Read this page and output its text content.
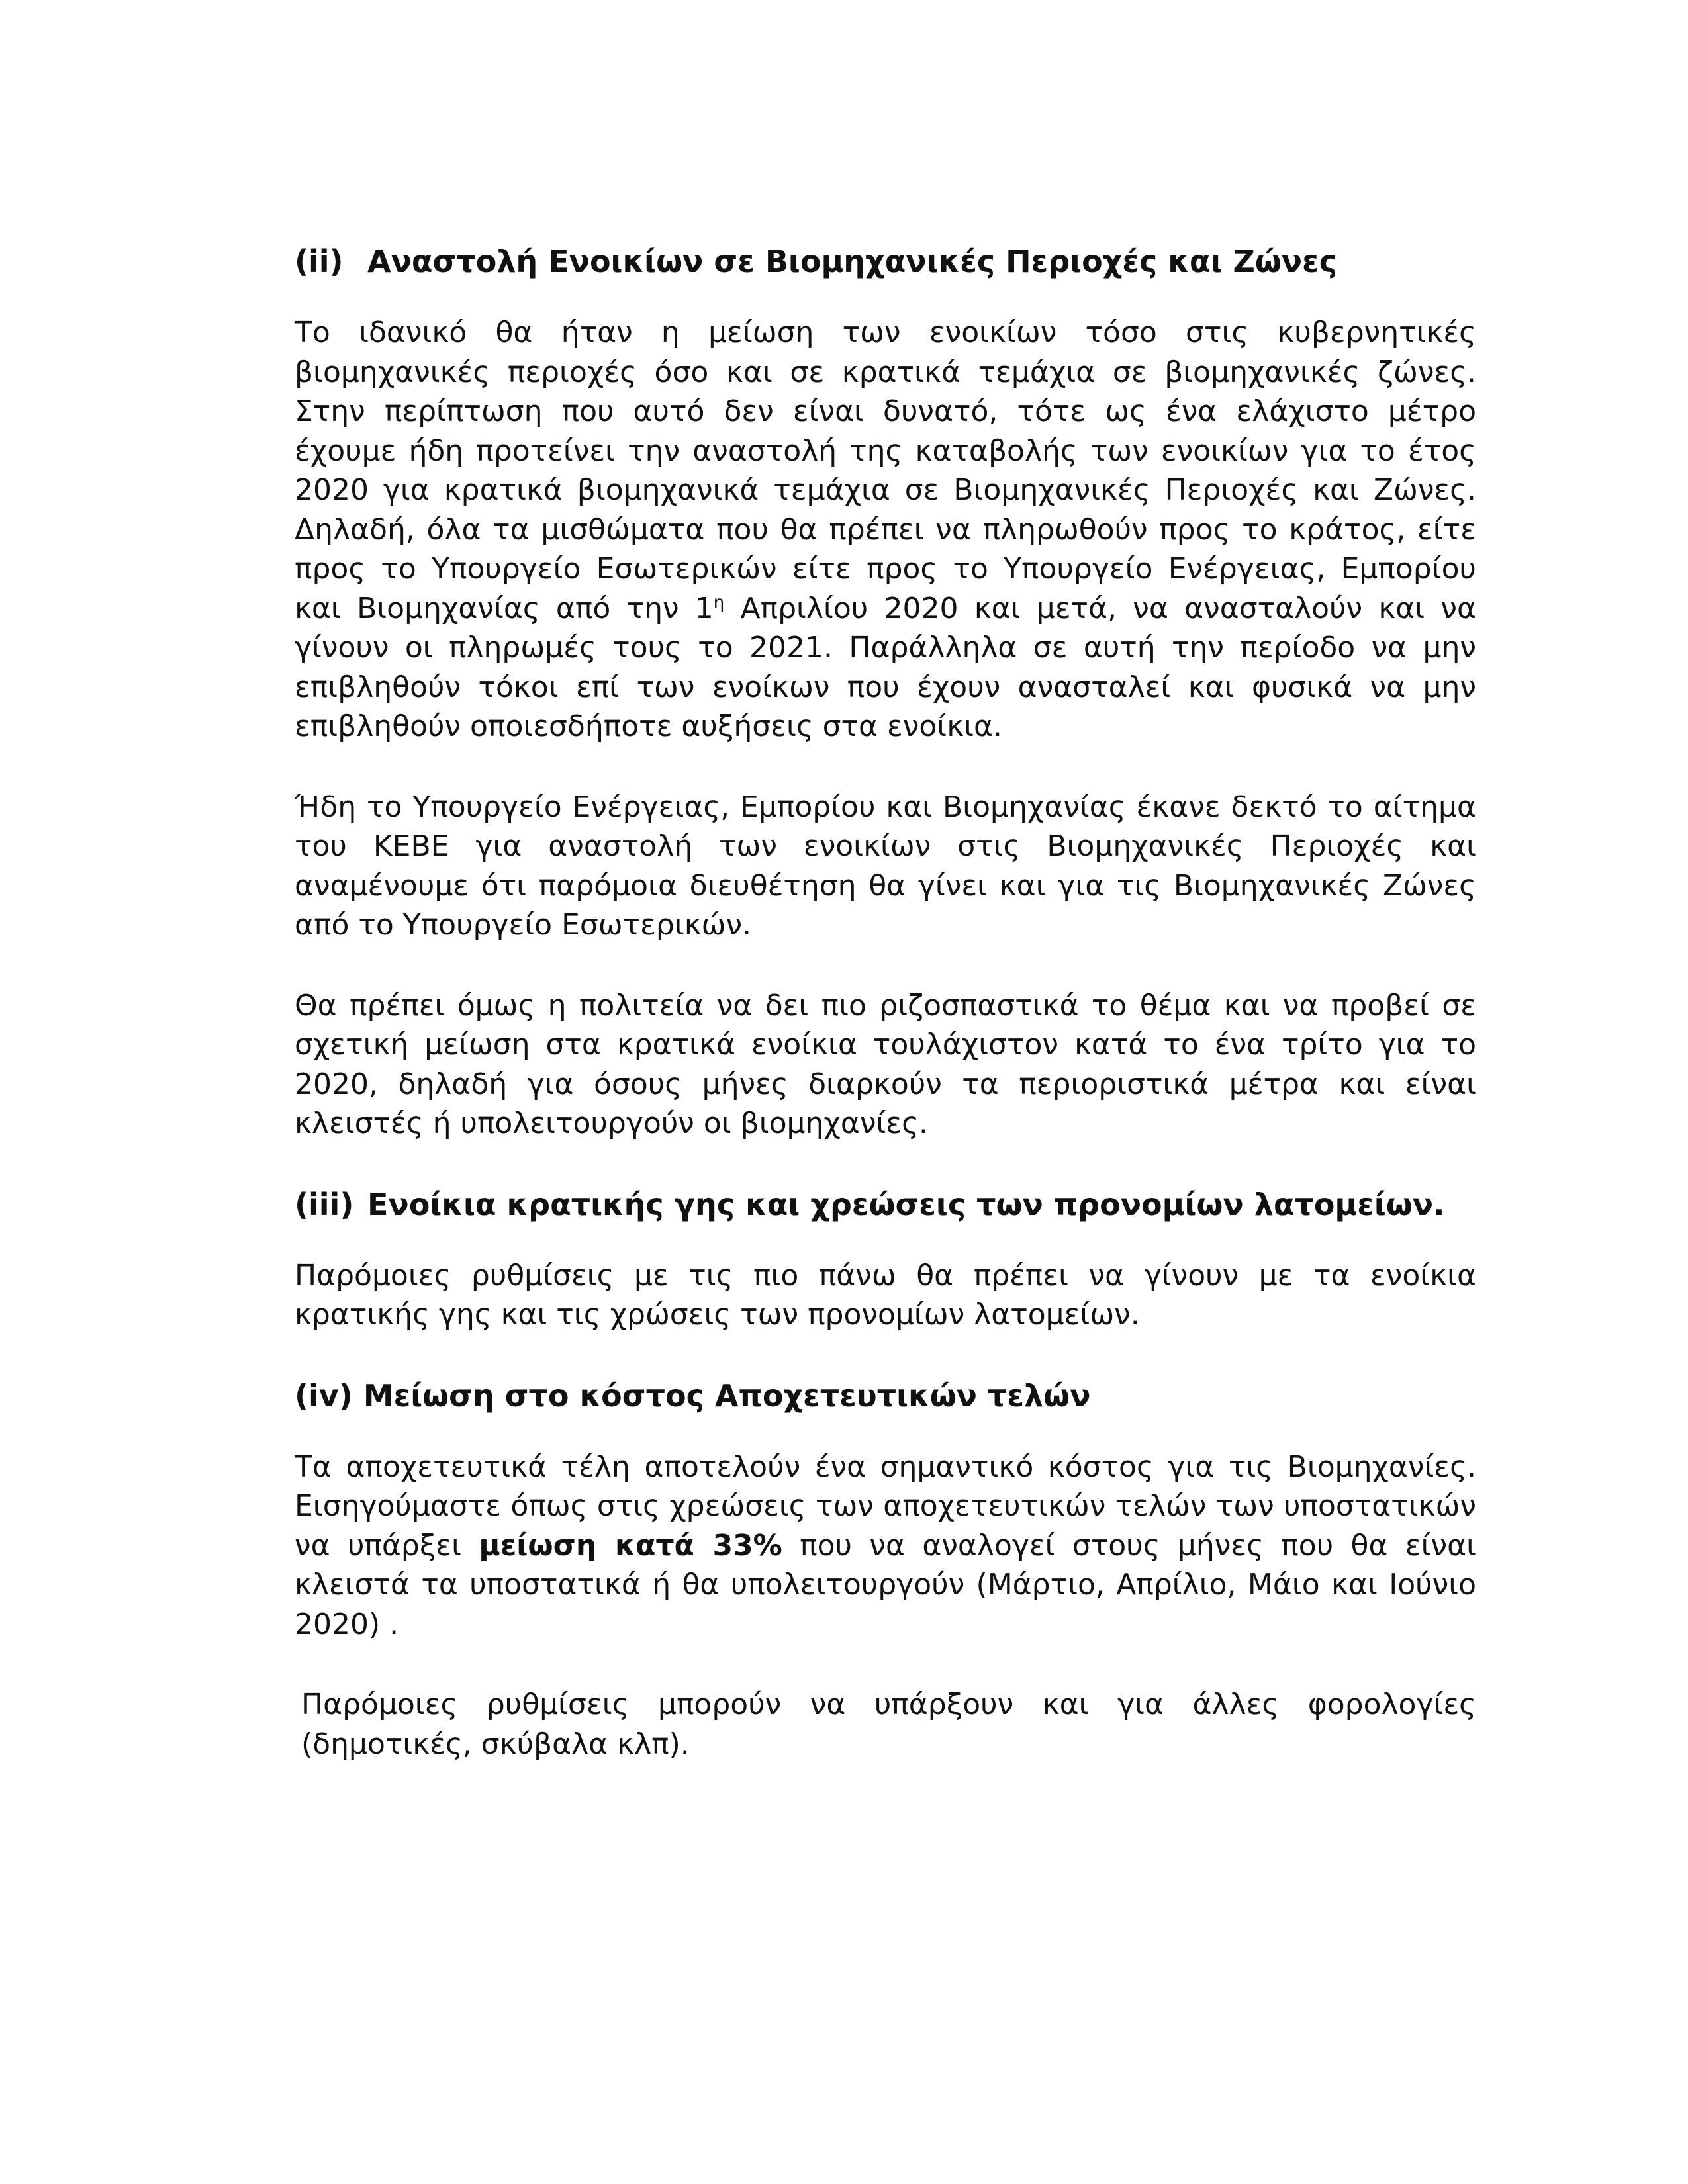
(ii) Αναστολή Ενοικίων σε Βιομηχανικές Περιοχές και Ζώνες

Το ιδανικό θα ήταν η μείωση των ενοικίων τόσο στις κυβερνητικές βιομηχανικές περιοχές όσο και σε κρατικά τεμάχια σε βιομηχανικές ζώνες. Στην περίπτωση που αυτό δεν είναι δυνατό, τότε ως ένα ελάχιστο μέτρο έχουμε ήδη προτείνει την αναστολή της καταβολής των ενοικίων για το έτος 2020 για κρατικά βιομηχανικά τεμάχια σε Βιομηχανικές Περιοχές και Ζώνες. Δηλαδή, όλα τα μισθώματα που θα πρέπει να πληρωθούν προς το κράτος, είτε προς το Υπουργείο Εσωτερικών είτε προς το Υπουργείο Ενέργειας, Εμπορίου και Βιομηχανίας από την $1^\eta$ Απριλίου 2020 και μετά, να ανασταλούν και να γίνουν οι πληρωμές τους το 2021. Παράλληλα σε αυτή την περίοδο να μην επιβληθούν τόκοι επί των ενοίκων που έχουν ανασταλεί και φυσικά να μην επιβληθούν οποιεσδήποτε αυξήσεις στα ενοίκια.

Ήδη το Υπουργείο Ενέργειας, Εμπορίου και Βιομηχανίας έκανε δεκτό το αίτημα του ΚΕΒΕ για αναστολή των ενοικίων στις Βιομηχανικές Περιοχές και αναμένουμε ότι παρόμοια διευθέτηση θα γίνει και για τις Βιομηχανικές Ζώνες από το Υπουργείο Εσωτερικών.

Θα πρέπει όμως η πολιτεία να δει πιο ριζοσπαστικά το θέμα και να προβεί σε σχετική μείωση στα κρατικά ενοίκια τουλάχιστον κατά το ένα τρίτο για το 2020, δηλαδή για όσους μήνες διαρκούν τα περιοριστικά μέτρα και είναι κλειστές ή υπολειτουργούν οι βιομηχανίες.

(iii) Ενοίκια κρατικής γης και χρεώσεις των προνομίων λατομείων.

Παρόμοιες ρυθμίσεις με τις πιο πάνω θα πρέπει να γίνουν με τα ενοίκια κρατικής γης και τις χρώσεις των προνομίων λατομείων.

(iv) Μείωση στο κόστος Αποχετευτικών τελών

Τα αποχετευτικά τέλη αποτελούν ένα σημαντικό κόστος για τις Βιομηχανίες. Εισηγούμαστε όπως στις χρεώσεις των αποχετευτικών τελών των υποστατικών να υπάρξει μείωση κατά 33% που να αναλογεί στους μήνες που θα είναι κλειστά τα υποστατικά ή θα υπολειτουργούν (Μάρτιο, Απρίλιο, Μάιο και Ιούνιο 2020) .

Παρόμοιες ρυθμίσεις μπορούν να υπάρξουν και για άλλες φορολογίες (δημοτικές, σκύβαλα κλπ).
